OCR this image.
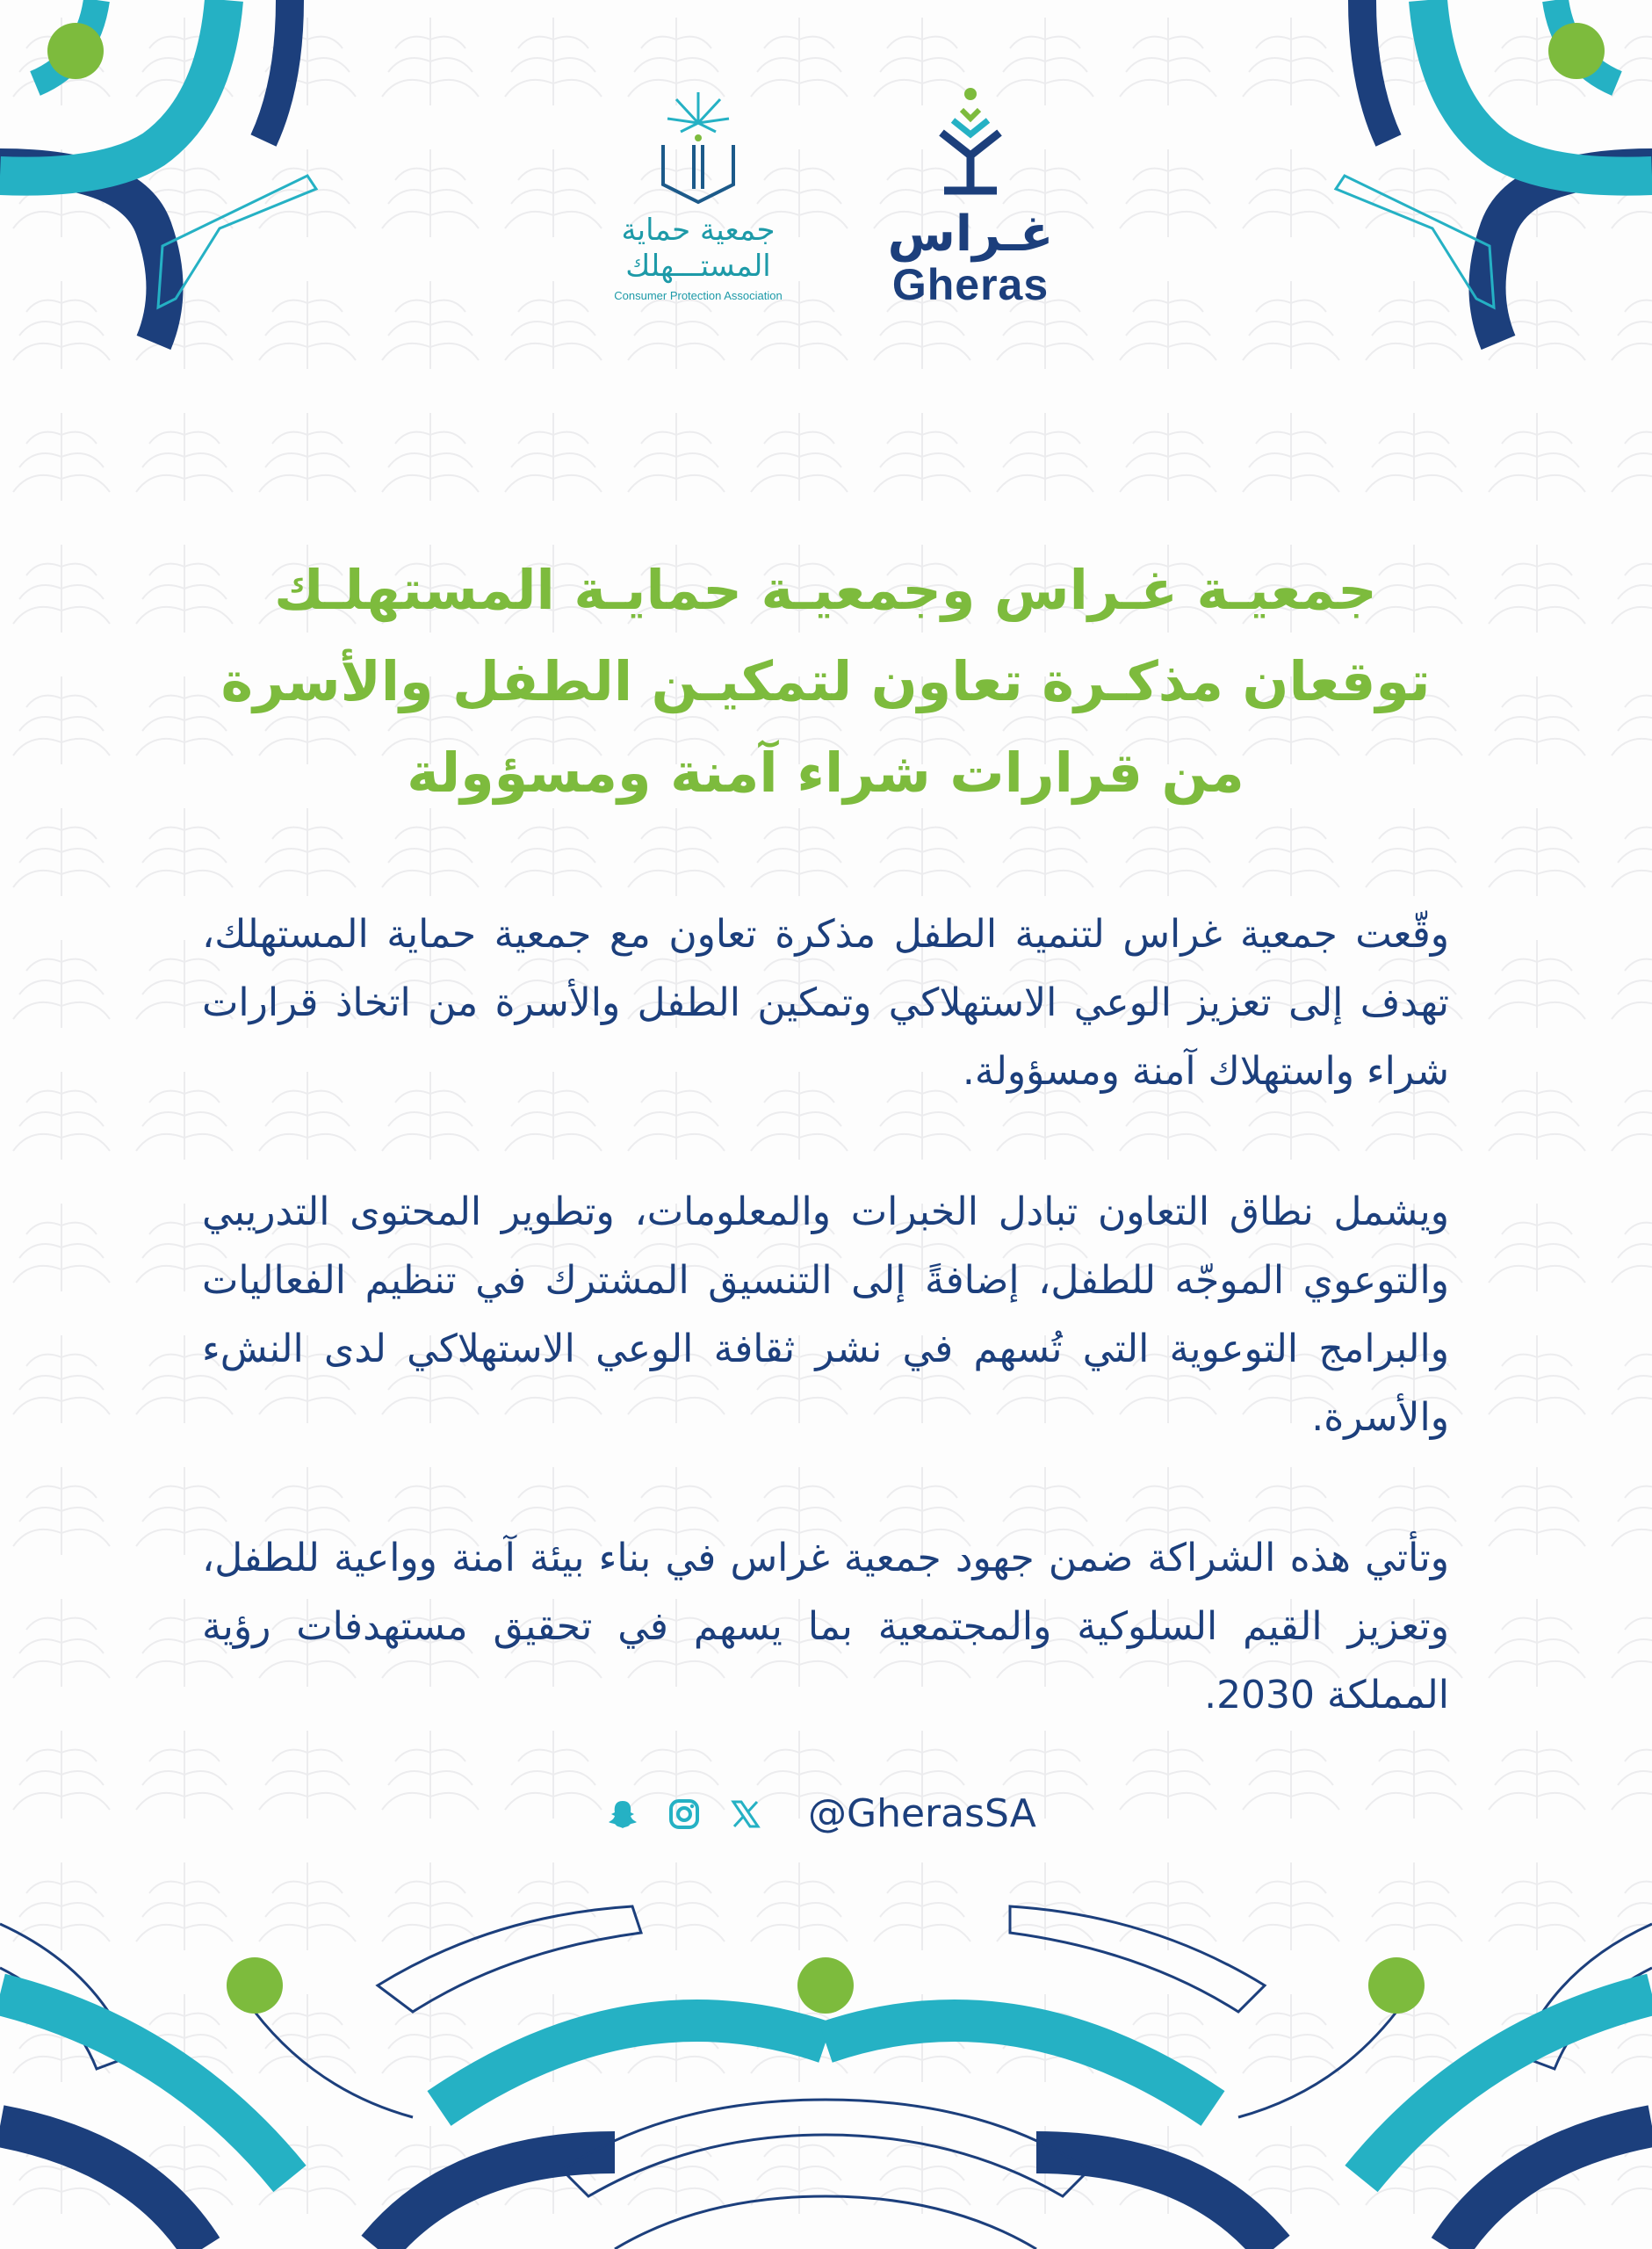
جمعية حماية
المستـــهلك
Consumer Protection Association
غـراس
Gheras
جمعيـة غـراس وجمعيـة حمايـة المستهلـك
توقعان مذكـرة تعاون لتمكيـن الطفل والأسرة
من قرارات شراء آمنة ومسؤولة

وقّعت جمعية غراس لتنمية الطفل مذكرة تعاون مع جمعية حماية المستهلك، تهدف إلى تعزيز الوعي الاستهلاكي وتمكين الطفل والأسرة من اتخاذ قرارات شراء واستهلاك آمنة ومسؤولة.

ويشمل نطاق التعاون تبادل الخبرات والمعلومات، وتطوير المحتوى التدريبي والتوعوي الموجّه للطفل، إضافةً إلى التنسيق المشترك في تنظيم الفعاليات والبرامج التوعوية التي تُسهم في نشر ثقافة الوعي الاستهلاكي لدى النشء والأسرة.

وتأتي هذه الشراكة ضمن جهود جمعية غراس في بناء بيئة آمنة وواعية للطفل، وتعزيز القيم السلوكية والمجتمعية بما يسهم في تحقيق مستهدفات رؤية المملكة 2030.

@GherasSA
